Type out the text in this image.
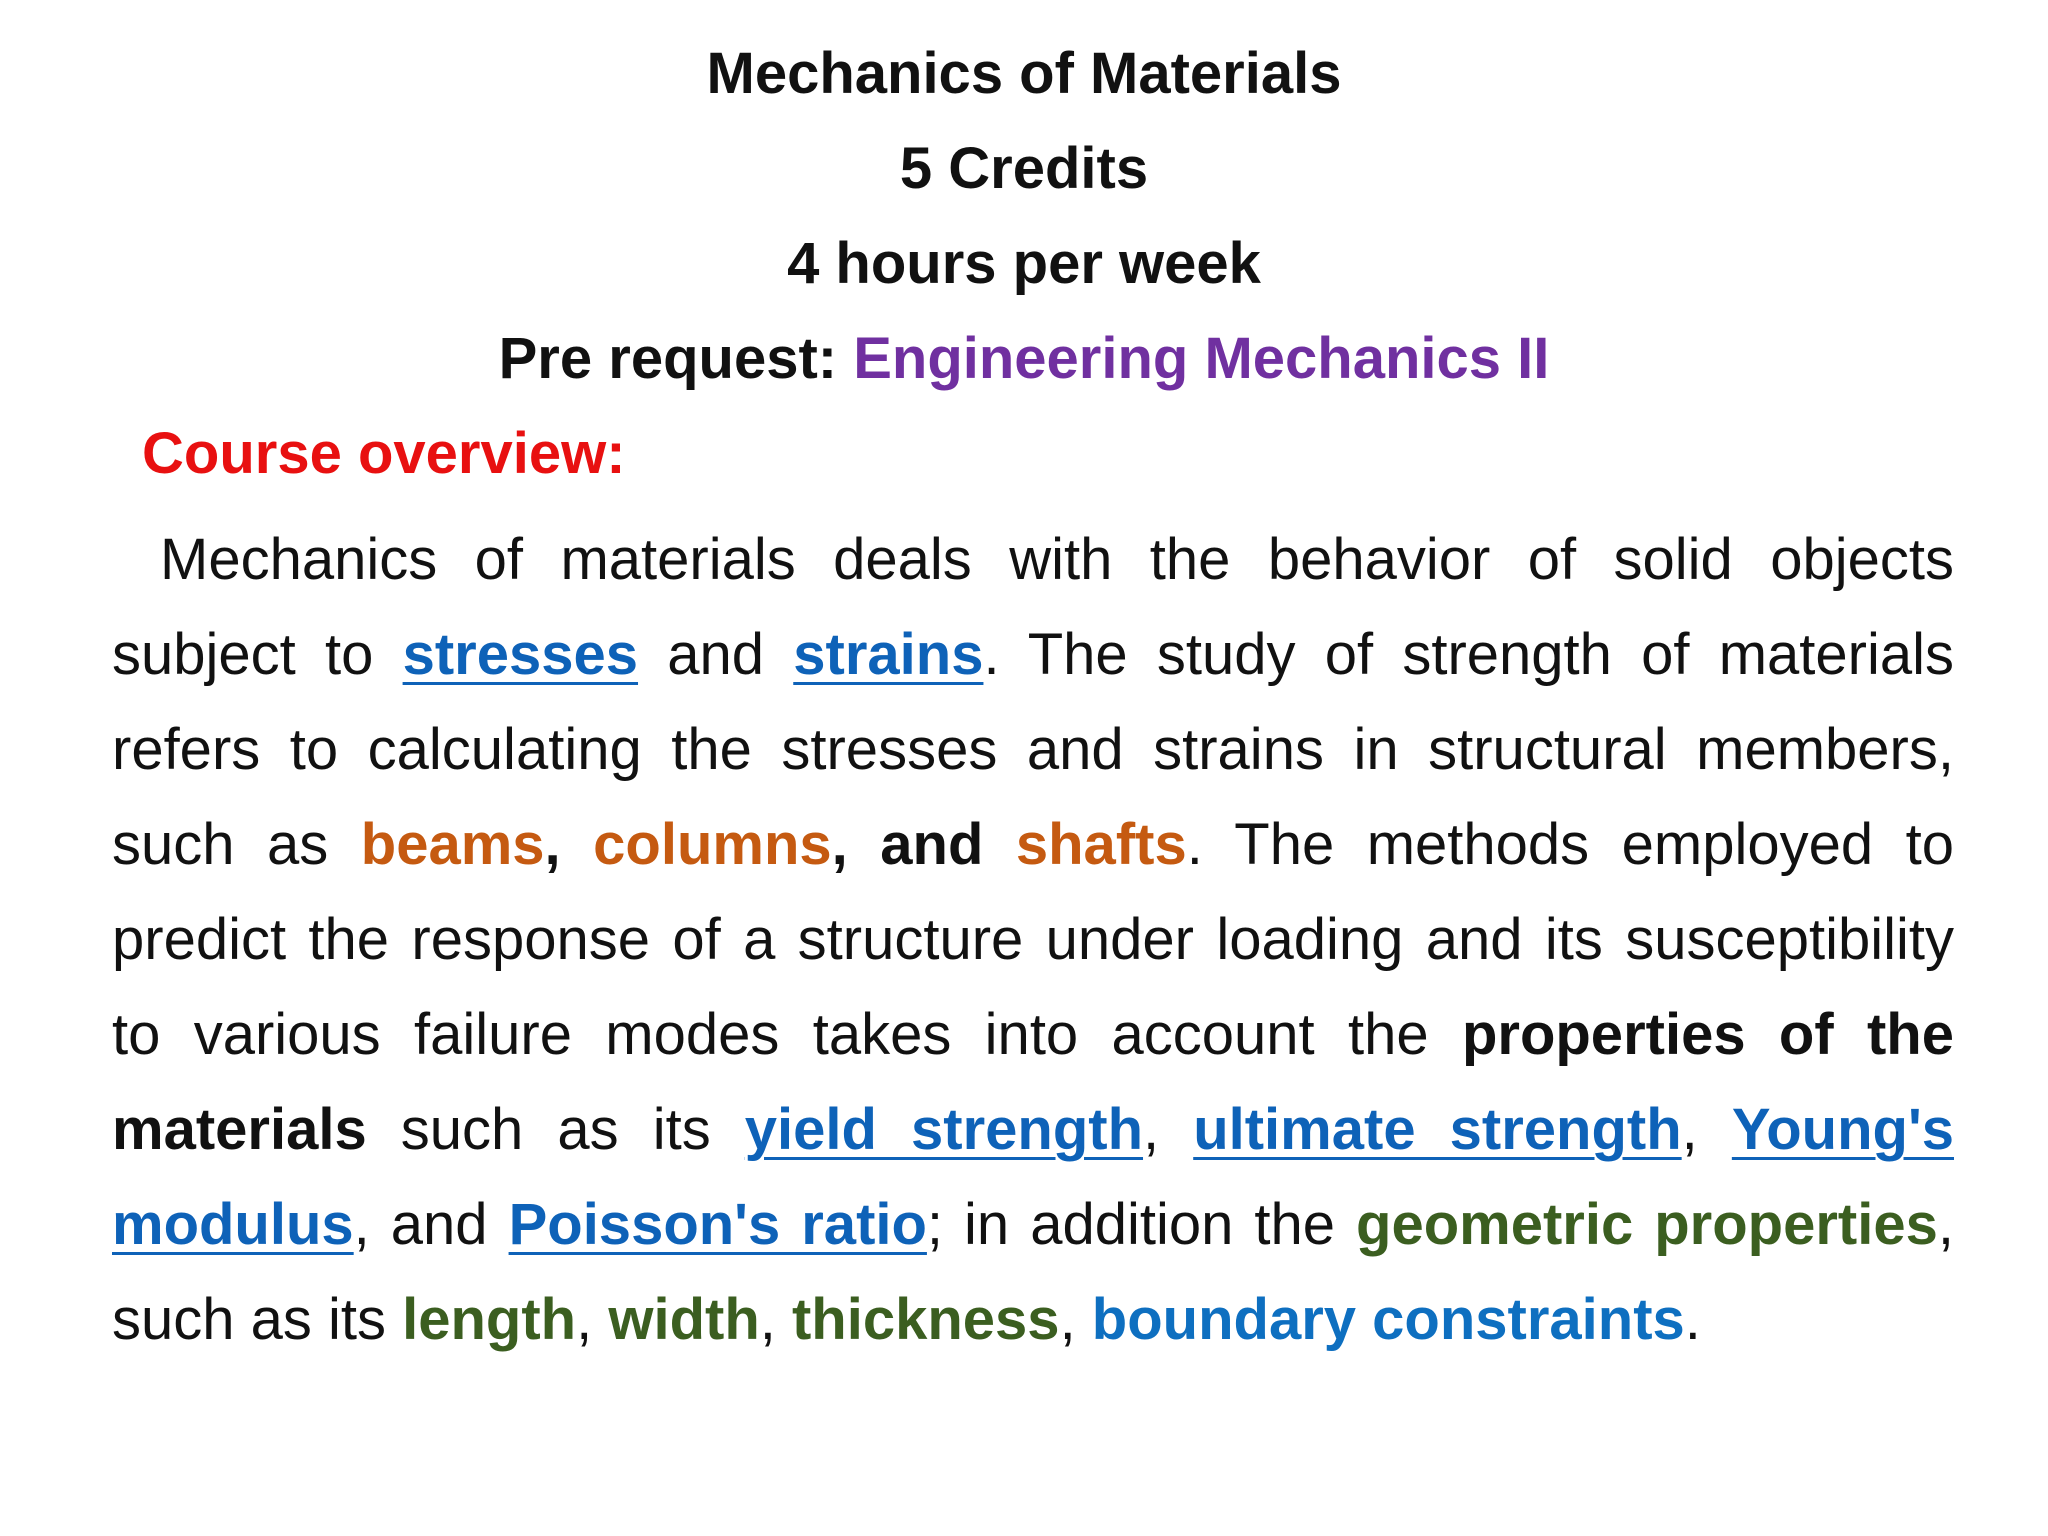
Mechanics of Materials
5 Credits
4 hours per week
Pre request: Engineering Mechanics II
Course overview:

Mechanics of materials deals with the behavior of solid objects subject to stresses and strains. The study of strength of materials refers to calculating the stresses and strains in structural members, such as beams, columns, and shafts. The methods employed to predict the response of a structure under loading and its susceptibility to various failure modes takes into account the properties of the materials such as its yield strength, ultimate strength, Young's modulus, and Poisson's ratio; in addition the geometric properties, such as its length, width, thickness, boundary constraints.
